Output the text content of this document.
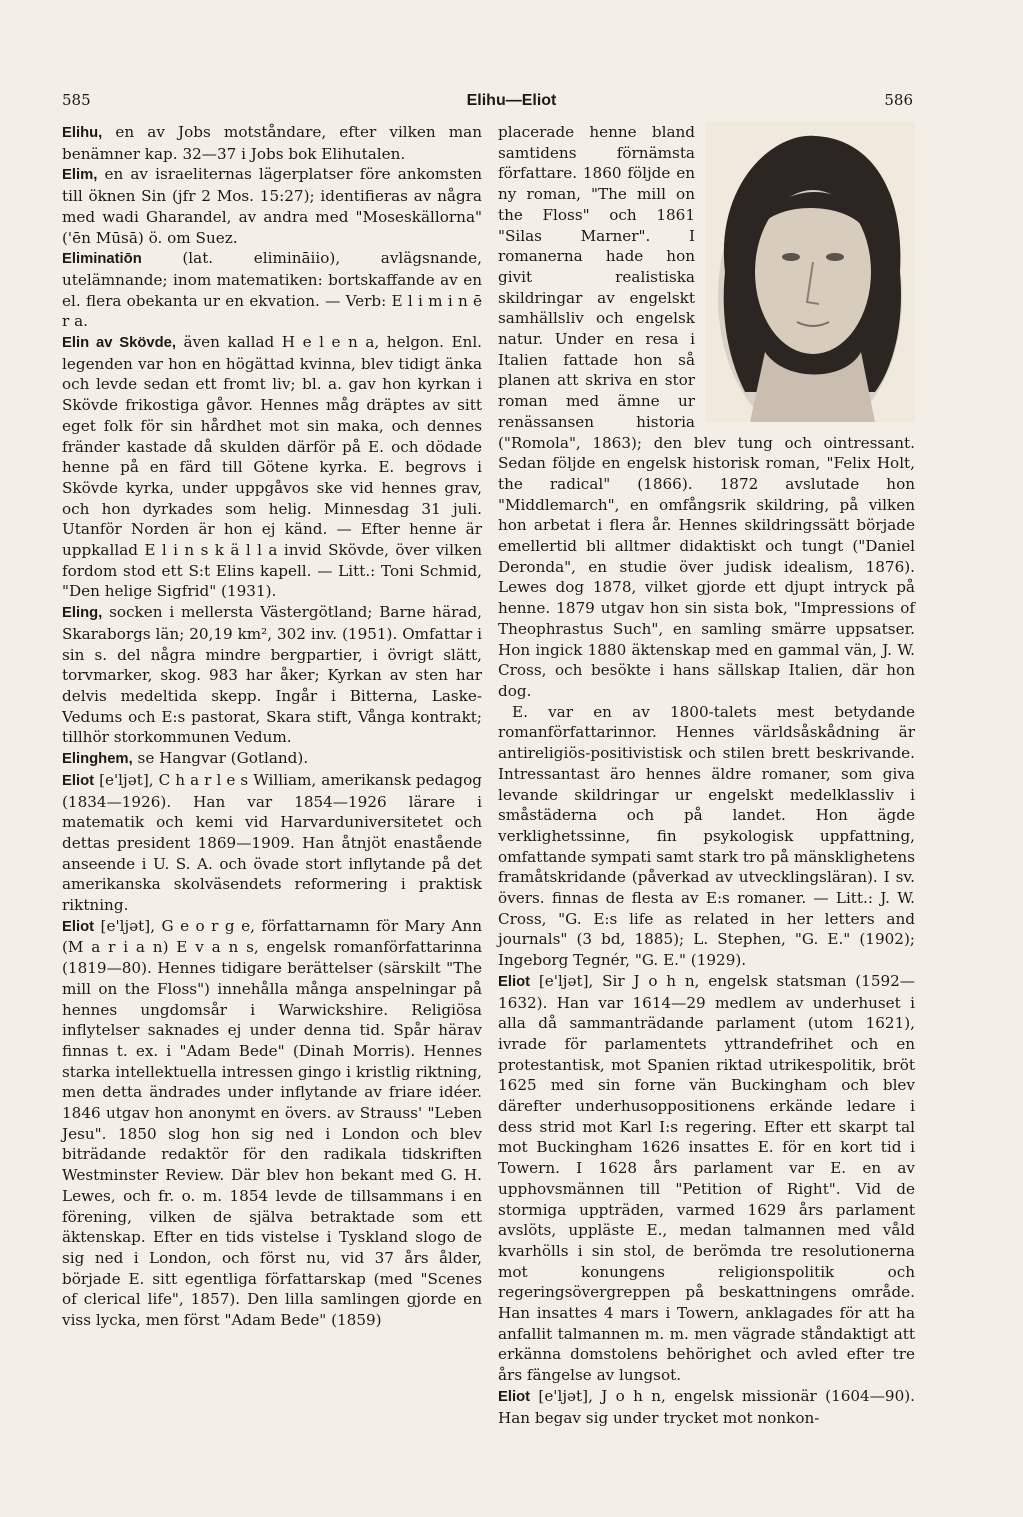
585	Elihu—Eliot	586

Elihu, en av Jobs motståndare, efter vilken man benämner kap. 32—37 i Jobs bok Elihutalen.

Elim, en av israeliternas lägerplatser före ankomsten till öknen Sin (jfr 2 Mos. 15:27); identifieras av några med wadi Gharandel, av andra med "Moseskällorna" ('ēn Mūsā) ö. om Suez.

Eliminatiōn (lat. elimināiio), avlägsnande, utelämnande; inom matematiken: bortskaffande av en el. flera obekanta ur en ekvation. — Verb: E l i m i n ē r a.

Elin av Skövde, även kallad H e l e n a, helgon. Enl. legenden var hon en högättad kvinna, blev tidigt änka och levde sedan ett fromt liv; bl. a. gav hon kyrkan i Skövde frikostiga gåvor. Hennes måg dräptes av sitt eget folk för sin hårdhet mot sin maka, och dennes fränder kastade då skulden därför på E. och dödade henne på en färd till Götene kyrka. E. begrovs i Skövde kyrka, under uppgåvos ske vid hennes grav, och hon dyrkades som helig. Minnesdag 31 juli. Utanför Norden är hon ej känd. — Efter henne är uppkallad E l i n s k ä l l a invid Skövde, över vilken fordom stod ett S:t Elins kapell. — Litt.: Toni Schmid, "Den helige Sigfrid" (1931).

Eling, socken i mellersta Västergötland; Barne härad, Skaraborgs län; 20,19 km², 302 inv. (1951). Omfattar i sin s. del några mindre bergpartier, i övrigt slätt, torvmarker, skog. 983 har åker; Kyrkan av sten har delvis medeltida skepp. Ingår i Bitterna, Laske-Vedums och E:s pastorat, Skara stift, Vånga kontrakt; tillhör storkommunen Vedum.

Elinghem, se Hangvar (Gotland).

Eliot [e'ljət], C h a r l e s William, amerikansk pedagog (1834—1926). Han var 1854—1926 lärare i matematik och kemi vid Harvarduniversitetet och dettas president 1869—1909. Han åtnjöt enastående anseende i U. S. A. och övade stort inflytande på det amerikanska skolväsendets reformering i praktisk riktning.

Eliot [e'ljət], G e o r g e, författarnamn för Mary Ann (M a r i a n) E v a n s, engelsk romanförfattarinna (1819—80). Hennes tidigare berättelser (särskilt "The mill on the Floss") innehålla många anspelningar på hennes ungdomsår i Warwickshire. Religiösa inflytelser saknades ej under denna tid. Spår härav finnas t. ex. i "Adam Bede" (Dinah Morris). Hennes starka intellektuella intressen gingo i kristlig riktning, men detta ändrades under inflytande av friare idéer. 1846 utgav hon anonymt en övers. av Strauss' "Leben Jesu". 1850 slog hon sig ned i London och blev biträdande redaktör för den radikala tidskriften Westminster Review. Där blev hon bekant med G. H. Lewes, och fr. o. m. 1854 levde de tillsammans i en förening, vilken de själva betraktade som ett äktenskap. Efter en tids vistelse i Tyskland slogo de sig ned i London, och först nu, vid 37 års ålder, började E. sitt egentliga författarskap (med "Scenes of clerical life", 1857). Den lilla samlingen gjorde en viss lycka, men först "Adam Bede" (1859)

placerade henne bland samtidens förnämsta författare. 1860 följde en ny roman, "The mill on the Floss" och 1861 "Silas Marner". I romanerna hade hon givit realistiska skildringar av engelskt samhällsliv och engelsk natur. Under en resa i Italien fattade hon så planen att skriva en stor roman med ämne ur renässansen historia ("Romola", 1863); den blev tung och ointressant. Sedan följde en engelsk historisk roman, "Felix Holt, the radical" (1866). 1872 avslutade hon "Middlemarch", en omfångsrik skildring, på vilken hon arbetat i flera år. Hennes skildringssätt började emellertid bli alltmer didaktiskt och tungt ("Daniel Deronda", en studie över judisk idealism, 1876). Lewes dog 1878, vilket gjorde ett djupt intryck på henne. 1879 utgav hon sin sista bok, "Impressions of Theophrastus Such", en samling smärre uppsatser. Hon ingick 1880 äktenskap med en gammal vän, J. W. Cross, och besökte i hans sällskap Italien, där hon dog.

E. var en av 1800-talets mest betydande romanförfattarinnor. Hennes världsåskådning är antireligiös-positivistisk och stilen brett beskrivande. Intressantast äro hennes äldre romaner, som giva levande skildringar ur engelskt medelklassliv i småstäderna och på landet. Hon ägde verklighetssinne, fin psykologisk uppfattning, omfattande sympati samt stark tro på mänsklighetens framåtskridande (påverkad av utvecklingsläran). I sv. övers. finnas de flesta av E:s romaner. — Litt.: J. W. Cross, "G. E:s life as related in her letters and journals" (3 bd, 1885); L. Stephen, "G. E." (1902); Ingeborg Tegnér, "G. E." (1929).

Eliot [e'ljət], Sir J o h n, engelsk statsman (1592—1632). Han var 1614—29 medlem av underhuset i alla då sammanträdande parlament (utom 1621), ivrade för parlamentets yttrandefrihet och en protestantisk, mot Spanien riktad utrikespolitik, bröt 1625 med sin forne vän Buckingham och blev därefter underhusoppositionens erkände ledare i dess strid mot Karl I:s regering. Efter ett skarpt tal mot Buckingham 1626 insattes E. för en kort tid i Towern. I 1628 års parlament var E. en av upphovsmännen till "Petition of Right". Vid de stormiga uppträden, varmed 1629 års parlament avslöts, uppläste E., medan talmannen med våld kvarhölls i sin stol, de berömda tre resolutionerna mot konungens religionspolitik och regeringsövergreppen på beskattningens område. Han insattes 4 mars i Towern, anklagades för att ha anfallit talmannen m. m. men vägrade ståndaktigt att erkänna domstolens behörighet och avled efter tre års fängelse av lungsot.

Eliot [e'ljət], J o h n, engelsk missionär (1604—90). Han begav sig under trycket mot nonkon-
